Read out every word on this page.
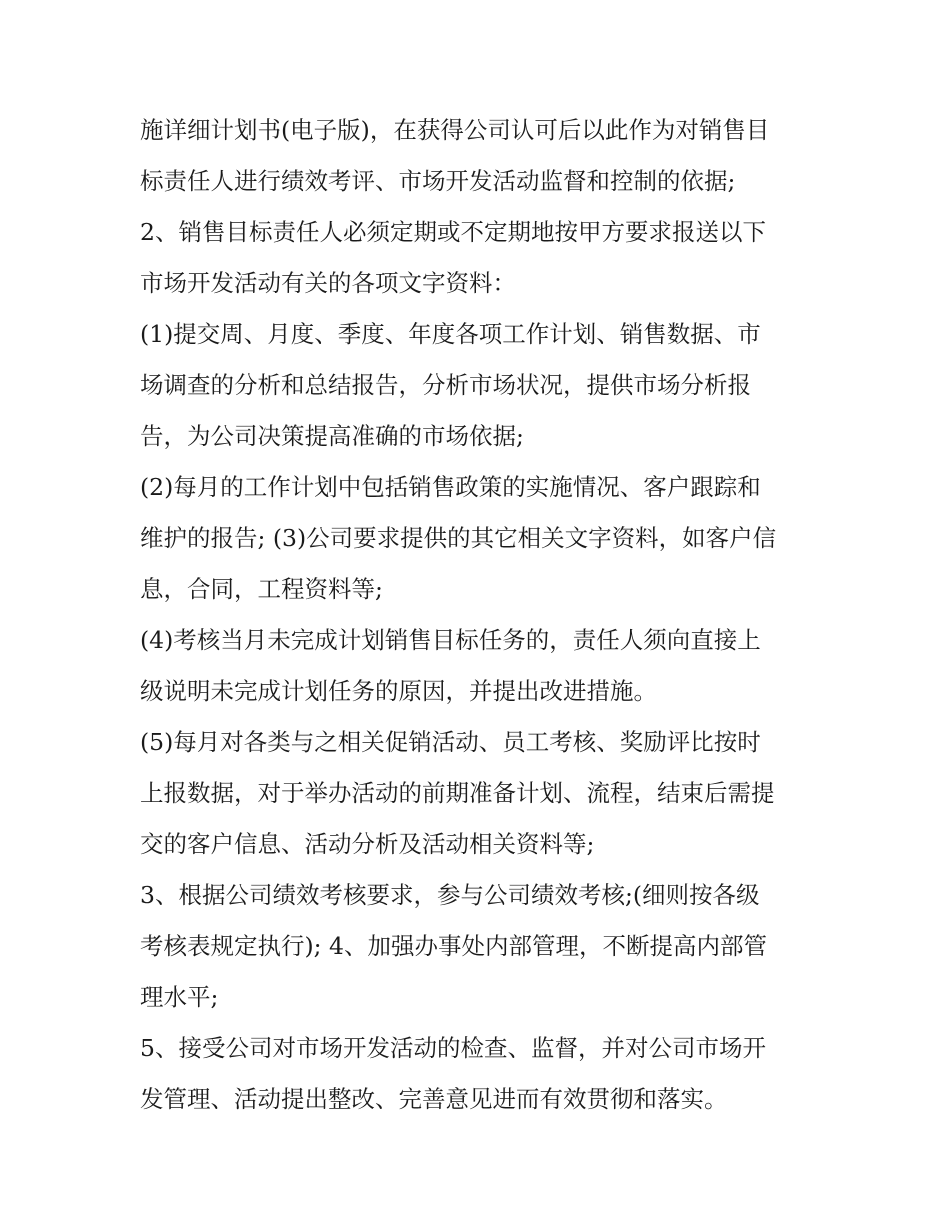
施详细计划书(电子版)，在获得公司认可后以此作为对销售目
标责任人进行绩效考评、市场开发活动监督和控制的依据;
2、销售目标责任人必须定期或不定期地按甲方要求报送以下
市场开发活动有关的各项文字资料：
(1)提交周、月度、季度、年度各项工作计划、销售数据、市
场调查的分析和总结报告，分析市场状况，提供市场分析报
告，为公司决策提高准确的市场依据;
(2)每月的工作计划中包括销售政策的实施情况、客户跟踪和
维护的报告; (3)公司要求提供的其它相关文字资料，如客户信
息，合同，工程资料等;
(4)考核当月未完成计划销售目标任务的，责任人须向直接上
级说明未完成计划任务的原因，并提出改进措施。
(5)每月对各类与之相关促销活动、员工考核、奖励评比按时
上报数据，对于举办活动的前期准备计划、流程，结束后需提
交的客户信息、活动分析及活动相关资料等;
3、根据公司绩效考核要求，参与公司绩效考核;(细则按各级
考核表规定执行); 4、加强办事处内部管理，不断提高内部管
理水平;
5、接受公司对市场开发活动的检查、监督，并对公司市场开
发管理、活动提出整改、完善意见进而有效贯彻和落实。
